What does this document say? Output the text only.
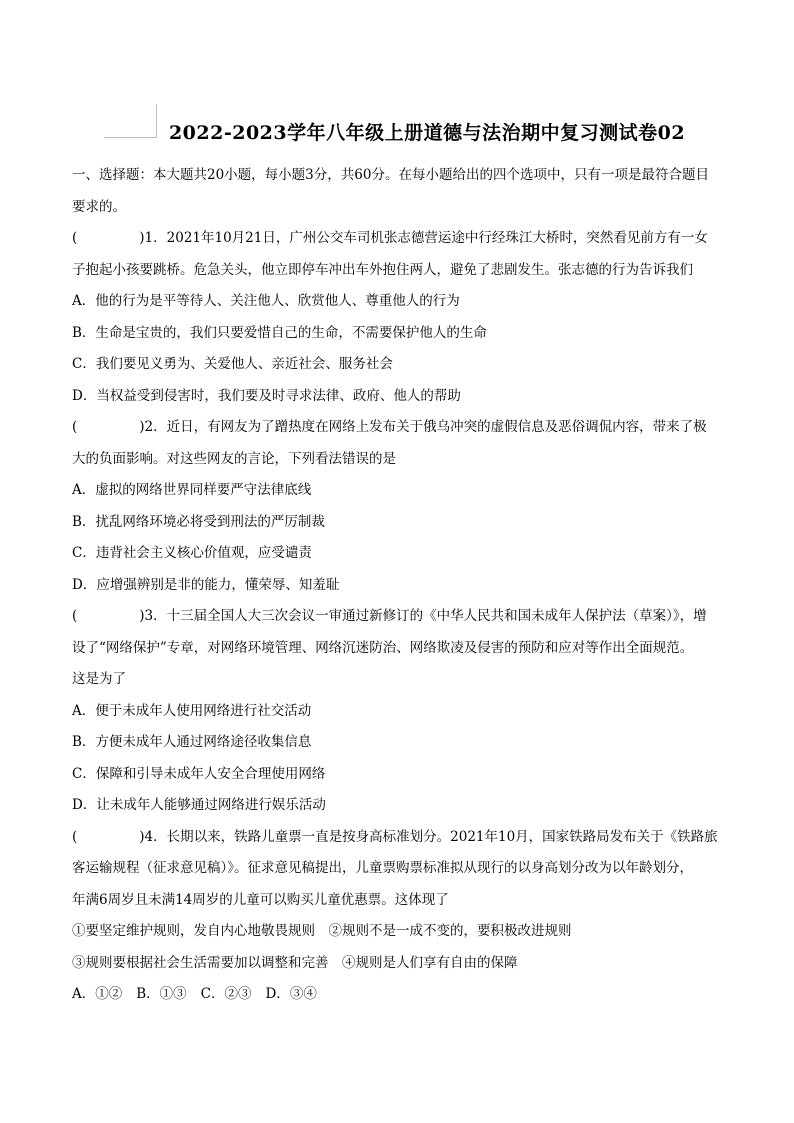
2022-2023学年八年级上册道德与法治期中复习测试卷02
一、选择题：本大题共20小题，每小题3分，共60分。在每小题给出的四个选项中，只有一项是最符合题目要求的。
(	)1．2021年10月21日，广州公交车司机张志德营运途中行经珠江大桥时，突然看见前方有一女
子抱起小孩要跳桥。危急关头，他立即停车冲出车外抱住两人，避免了悲剧发生。张志德的行为告诉我们
A．他的行为是平等待人、关注他人、欣赏他人、尊重他人的行为
B．生命是宝贵的，我们只要爱惜自己的生命，不需要保护他人的生命
C．我们要见义勇为、关爱他人、亲近社会、服务社会
D．当权益受到侵害时，我们要及时寻求法律、政府、他人的帮助
(	)2．近日，有网友为了蹭热度在网络上发布关于俄乌冲突的虚假信息及恶俗调侃内容，带来了极
大的负面影响。对这些网友的言论，下列看法错误的是
A．虚拟的网络世界同样要严守法律底线
B．扰乱网络环境必将受到刑法的严厉制裁
C．违背社会主义核心价值观，应受谴责
D．应增强辨别是非的能力，懂荣辱、知羞耻
(	)3．十三届全国人大三次会议一审通过新修订的《中华人民共和国未成年人保护法（草案）》，增
设了“网络保护”专章，对网络环境管理、网络沉迷防治、网络欺凌及侵害的预防和应对等作出全面规范。
这是为了
A．便于未成年人使用网络进行社交活动
B．方便未成年人通过网络途径收集信息
C．保障和引导未成年人安全合理使用网络
D．让未成年人能够通过网络进行娱乐活动
(	)4．长期以来，铁路儿童票一直是按身高标准划分。2021年10月，国家铁路局发布关于《铁路旅
客运输规程（征求意见稿）》。征求意见稿提出，儿童票购票标准拟从现行的以身高划分改为以年龄划分，
年满6周岁且未满14周岁的儿童可以购买儿童优惠票。这体现了
①要坚定维护规则，发自内心地敬畏规则　②规则不是一成不变的，要积极改进规则
③规则要根据社会生活需要加以调整和完善　④规则是人们享有自由的保障
A．①② B．①③ C．②③ D．③④
